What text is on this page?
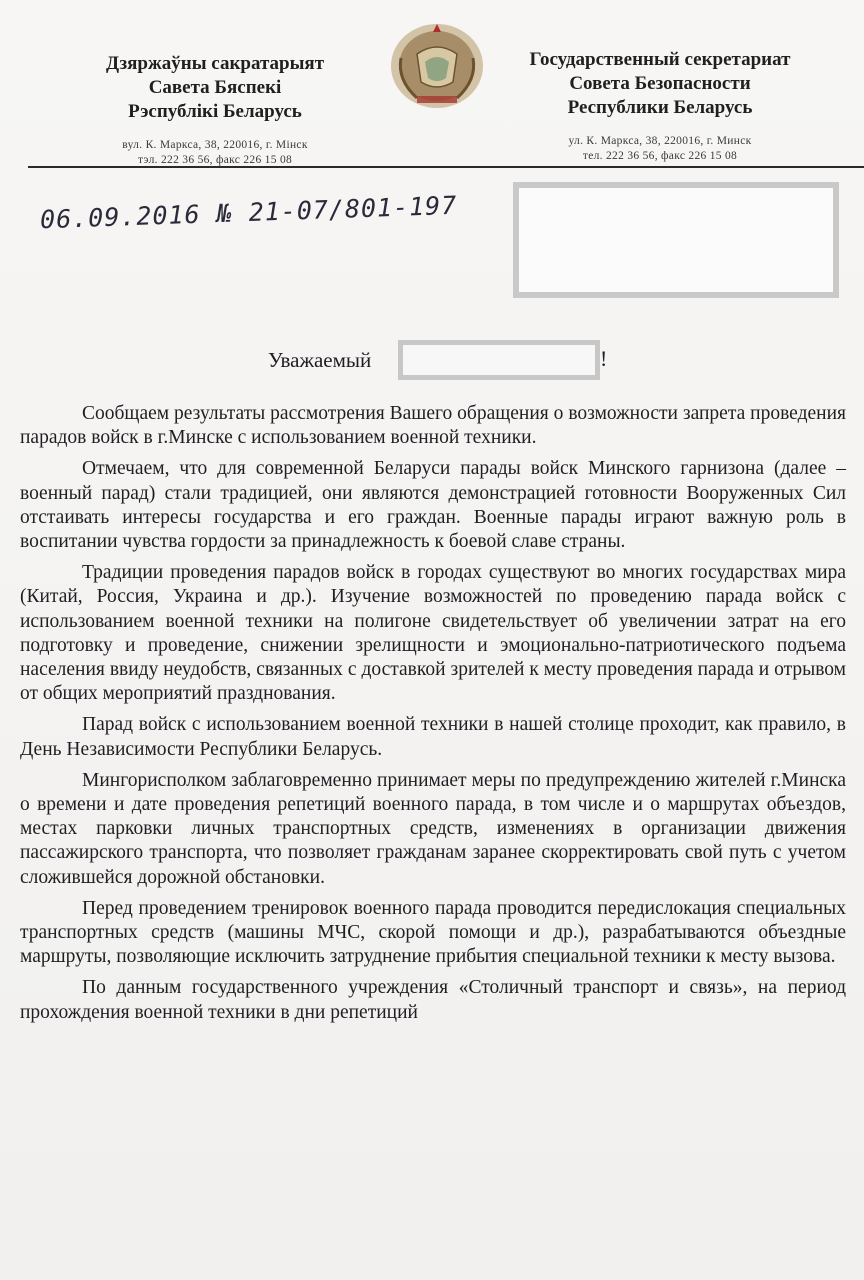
Дзяржаўны сакратарыят
Савета Бяспекі
Рэспублікі Беларусь
вул. К. Маркса, 38, 220016, г. Мінск
тэл. 222 36 56, факс 226 15 08
Государственный секретариат
Совета Безопасности
Республики Беларусь
ул. К. Маркса, 38, 220016, г. Минск
тел. 222 36 56, факс 226 15 08
06.09.2016 № 21-07/801-197
Уважаемый	!

Сообщаем результаты рассмотрения Вашего обращения о возможности запрета проведения парадов войск в г.Минске с использованием военной техники.

Отмечаем, что для современной Беларуси парады войск Минского гарнизона (далее – военный парад) стали традицией, они являются демонстрацией готовности Вооруженных Сил отстаивать интересы государства и его граждан. Военные парады играют важную роль в воспитании чувства гордости за принадлежность к боевой славе страны.

Традиции проведения парадов войск в городах существуют во многих государствах мира (Китай, Россия, Украина и др.). Изучение возможностей по проведению парада войск с использованием военной техники на полигоне свидетельствует об увеличении затрат на его подготовку и проведение, снижении зрелищности и эмоционально-патриотического подъема населения ввиду неудобств, связанных с доставкой зрителей к месту проведения парада и отрывом от общих мероприятий празднования.

Парад войск с использованием военной техники в нашей столице проходит, как правило, в День Независимости Республики Беларусь.

Мингорисполком заблаговременно принимает меры по предупреждению жителей г.Минска о времени и дате проведения репетиций военного парада, в том числе и о маршрутах объездов, местах парковки личных транспортных средств, изменениях в организации движения пассажирского транспорта, что позволяет гражданам заранее скорректировать свой путь с учетом сложившейся дорожной обстановки.

Перед проведением тренировок военного парада проводится передислокация специальных транспортных средств (машины МЧС, скорой помощи и др.), разрабатываются объездные маршруты, позволяющие исключить затруднение прибытия специальной техники к месту вызова.

По данным государственного учреждения «Столичный транспорт и связь», на период прохождения военной техники в дни репетиций
